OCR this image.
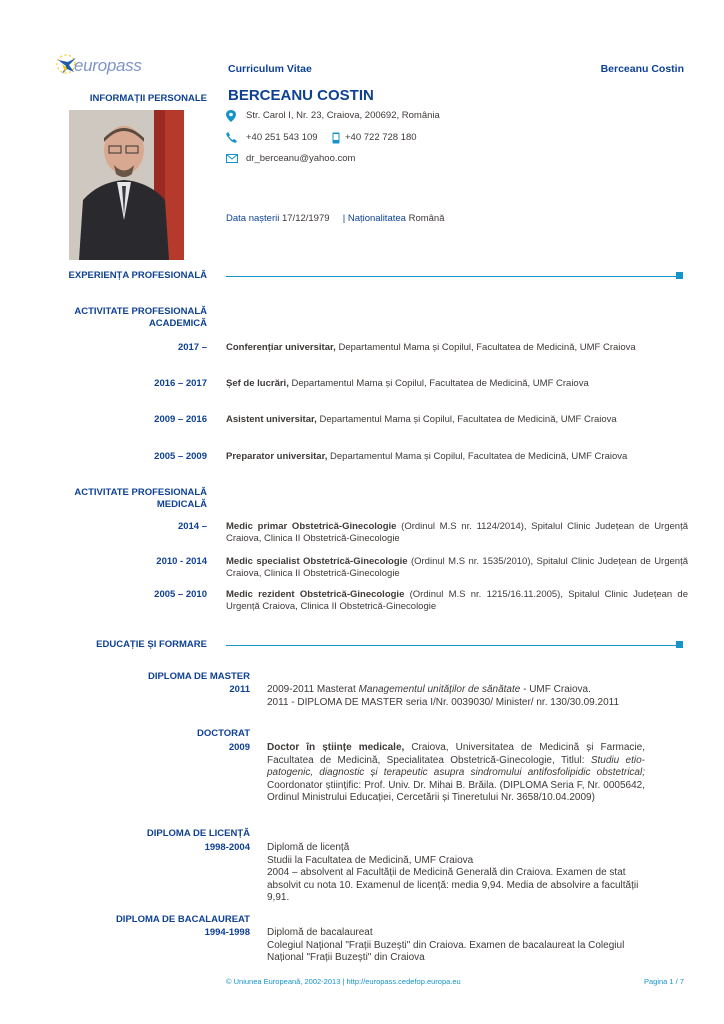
europass	Curriculum Vitae	Berceanu Costin
INFORMAȚII PERSONALE BERCEANU COSTIN
Str. Carol I, Nr. 23, Craiova, 200692, România
+40 251 543 109	+40 722 728 180
dr_berceanu@yahoo.com
Data nașterii 17/12/1979 | Naționalitatea Română
EXPERIENȚA PROFESIONALĂ
ACTIVITATE PROFESIONALĂ
ACADEMICĂ
2017 – Conferențiar universitar, Departamentul Mama și Copilul, Facultatea de Medicină, UMF Craiova
2016 – 2017 Șef de lucrări, Departamentul Mama și Copilul, Facultatea de Medicină, UMF Craiova
2009 – 2016 Asistent universitar, Departamentul Mama și Copilul, Facultatea de Medicină, UMF Craiova
2005 – 2009 Preparator universitar, Departamentul Mama și Copilul, Facultatea de Medicină, UMF Craiova
ACTIVITATE PROFESIONALĂ
MEDICALĂ
2014 – Medic primar Obstetrică-Ginecologie (Ordinul M.S nr. 1124/2014), Spitalul Clinic Județean de Urgență Craiova, Clinica II Obstetrică-Ginecologie
2010 - 2014 Medic specialist Obstetrică-Ginecologie (Ordinul M.S nr. 1535/2010), Spitalul Clinic Județean de Urgență Craiova, Clinica II Obstetrică-Ginecologie
2005 – 2010 Medic rezident Obstetrică-Ginecologie (Ordinul M.S nr. 1215/16.11.2005), Spitalul Clinic Județean de Urgență Craiova, Clinica II Obstetrică-Ginecologie
EDUCAȚIE ȘI FORMARE
DIPLOMA DE MASTER
2011 2009-2011 Masterat Managementul unităților de sănătate - UMF Craiova.
2011 - DIPLOMA DE MASTER seria I/Nr. 0039030/ Minister/ nr. 130/30.09.2011
DOCTORAT
2009 Doctor în științe medicale, Craiova, Universitatea de Medicină și Farmacie, Facultatea de Medicină, Specialitatea Obstetrică-Ginecologie, Titlul: Studiu etio-patogenic, diagnostic și terapeutic asupra sindromului antifosfolipidic obstetrical; Coordonator științific: Prof. Univ. Dr. Mihai B. Brăila. (DIPLOMA Seria F, Nr. 0005642, Ordinul Ministrului Educației, Cercetării și Tineretului Nr. 3658/10.04.2009)
DIPLOMA DE LICENȚĂ
1998-2004 Diplomă de licență
Studii la Facultatea de Medicină, UMF Craiova
2004 – absolvent al Facultății de Medicină Generală din Craiova. Examen de stat absolvit cu nota 10. Examenul de licență: media 9,94. Media de absolvire a facultății 9,91.
DIPLOMA DE BACALAUREAT
1994-1998 Diplomă de bacalaureat
Colegiul Național "Frații Buzești" din Craiova. Examen de bacalaureat la Colegiul Național "Frații Buzești" din Craiova
© Uniunea Europeană, 2002-2013 | http://europass.cedefop.europa.eu	Pagina 1 / 7
